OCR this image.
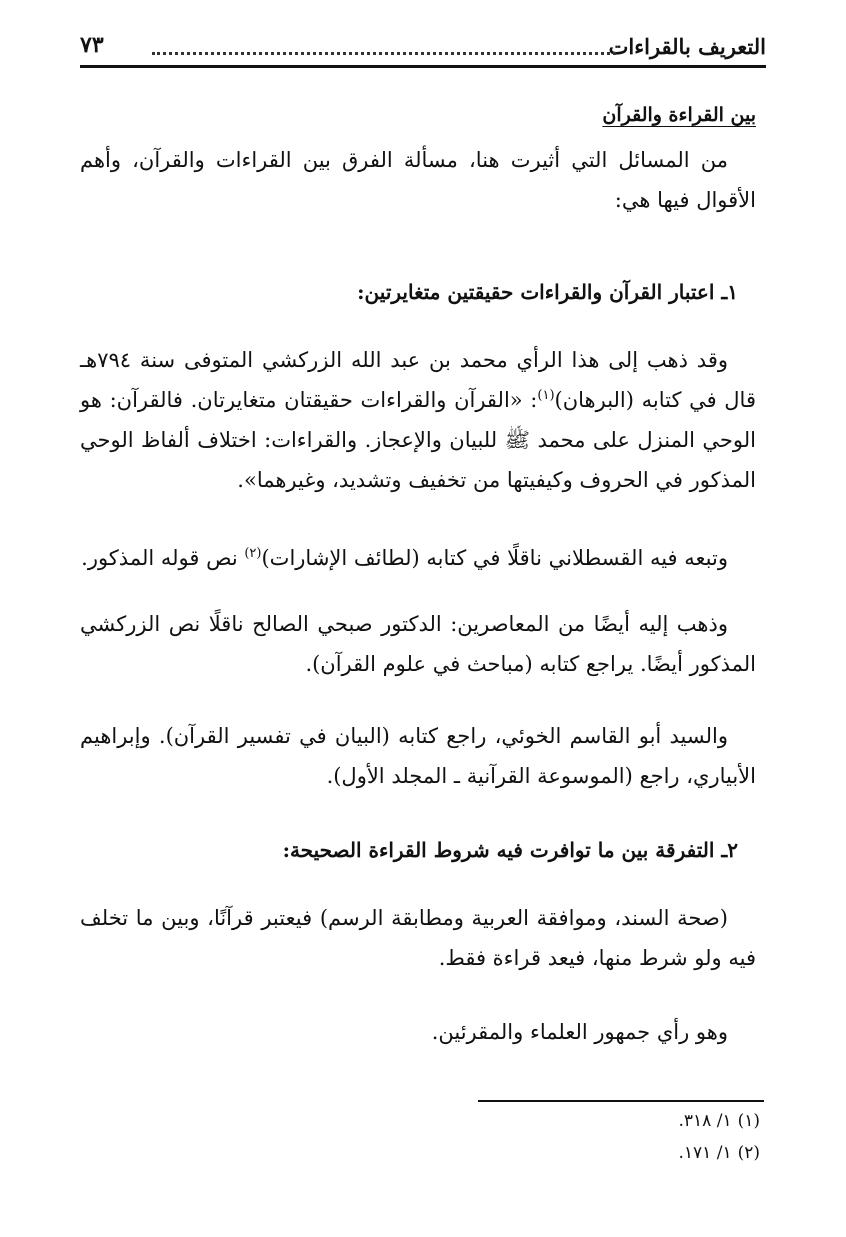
التعريف بالقراءات
٧٣
بين القراءة والقرآن

من المسائل التي أثيرت هنا، مسألة الفرق بين القراءات والقرآن، وأهم الأقوال فيها هي:

١ـ اعتبار القرآن والقراءات حقيقتين متغايرتين:

وقد ذهب إلى هذا الرأي محمد بن عبد الله الزركشي المتوفى سنة ٧٩٤هـ قال في كتابه (البرهان)$^{(١)}$: «القرآن والقراءات حقيقتان متغايرتان. فالقرآن: هو الوحي المنزل على محمد ﷺ للبيان والإعجاز. والقراءات: اختلاف ألفاظ الوحي المذكور في الحروف وكيفيتها من تخفيف وتشديد، وغيرهما».

وتبعه فيه القسطلاني ناقلًا في كتابه (لطائف الإشارات)$^{(٢)}$ نص قوله المذكور.

وذهب إليه أيضًا من المعاصرين: الدكتور صبحي الصالح ناقلًا نص الزركشي المذكور أيضًا. يراجع كتابه (مباحث في علوم القرآن).

والسيد أبو القاسم الخوئي، راجع كتابه (البيان في تفسير القرآن). وإبراهيم الأبياري، راجع (الموسوعة القرآنية ـ المجلد الأول).

٢ـ التفرقة بين ما توافرت فيه شروط القراءة الصحيحة:

(صحة السند، وموافقة العربية ومطابقة الرسم) فيعتبر قرآنًا، وبين ما تخلف فيه ولو شرط منها، فيعد قراءة فقط.

وهو رأي جمهور العلماء والمقرئين.

(١)١/ ٣١٨.
(٢)١/ ١٧١.
